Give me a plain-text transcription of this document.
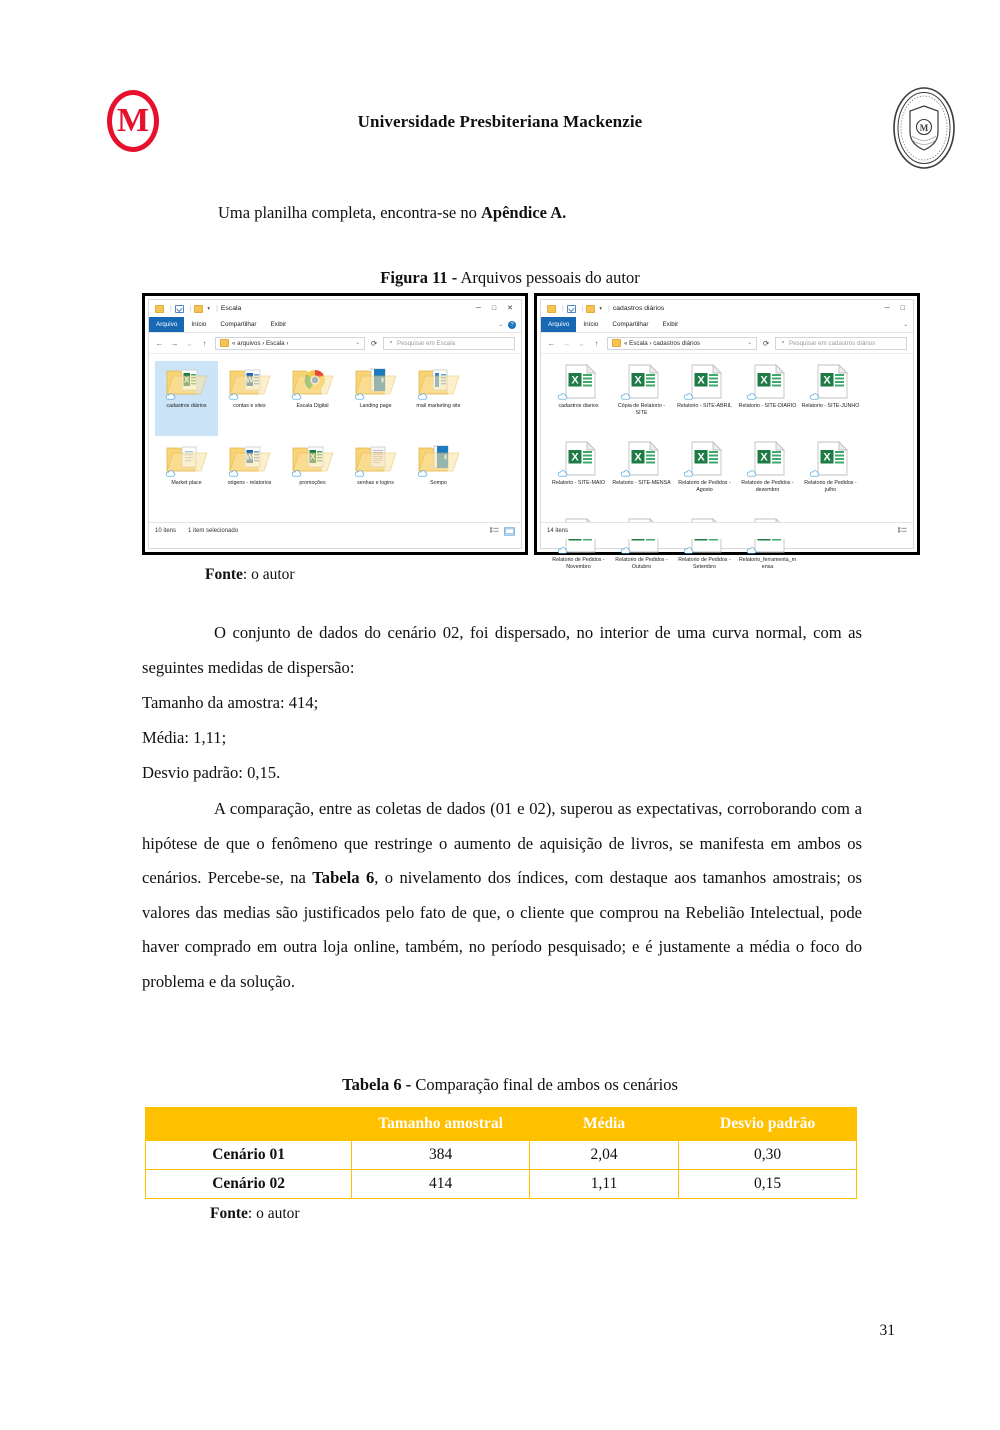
M	Universidade Presbiteriana Mackenzie	M
Uma planilha completa, encontra-se no Apêndice A.
Figura 11 - Arquivos pessoais do autor
|	|	▾ | Escala	─ □ ✕
Arquivo	Início	Compartilhar	Exibir	⌄	?
← → ⌄	↑	« arquivos › Escala ›	⌄ ⟳ ⌕ Pesquisar em Escala
cadastros diários	contas e sites	Escala Digital	Landing page	mail marketing site
Market place	origens - relatorios	promoções	senhas e logins	Sompo
10 itens 1 item selecionado
|	|	▾ | cadastros diários	─ □
Arquivo	Início	Compartilhar	Exibir	⌄
← → ⌄	↑	« Escala › cadastros diários	⌄ ⟳ ⌕ Pesquisar em cadastros diários
X
cadastros diarios
X
Cópia de Relatorio - SITE
X
Relatorio - SITE-ABRIL
X
Relatorio - SITE-DIARIO
X
Relatorio - SITE-JUNHO
X
Relatorio - SITE-MAIO
X
Relatorio - SITE-MENSA
X
Relatorio de Pedidos - Agosto
X
Relatorio de Pedidos - dezembro
X
Relatorio de Pedidos - julho
Relatorio de Pedidos - Novembro
Relatorio de Pedidos - Outubro
Relatorio de Pedidos - Setembro
Relatorio_ferramenta_mensa
14 itens
Fonte: o autor
O conjunto de dados do cenário 02, foi dispersado, no interior de uma curva normal, com as seguintes medidas de dispersão:
Tamanho da amostra: 414;
Média: 1,11;
Desvio padrão: 0,15.
A comparação, entre as coletas de dados (01 e 02), superou as expectativas, corroborando com a hipótese de que o fenômeno que restringe o aumento de aquisição de livros, se manifesta em ambos os cenários. Percebe-se, na Tabela 6, o nivelamento dos índices, com destaque aos tamanhos amostrais; os valores das medias são justificados pelo fato de que, o cliente que comprou na Rebelião Intelectual, pode haver comprado em outra loja online, também, no período pesquisado; e é justamente a média o foco do problema e da solução.
Tabela 6 - Comparação final de ambos os cenários
	Tamanho amostral	Média	Desvio padrão
Cenário 01	384	2,04	0,30
Cenário 02	414	1,11	0,15
Fonte: o autor
31
